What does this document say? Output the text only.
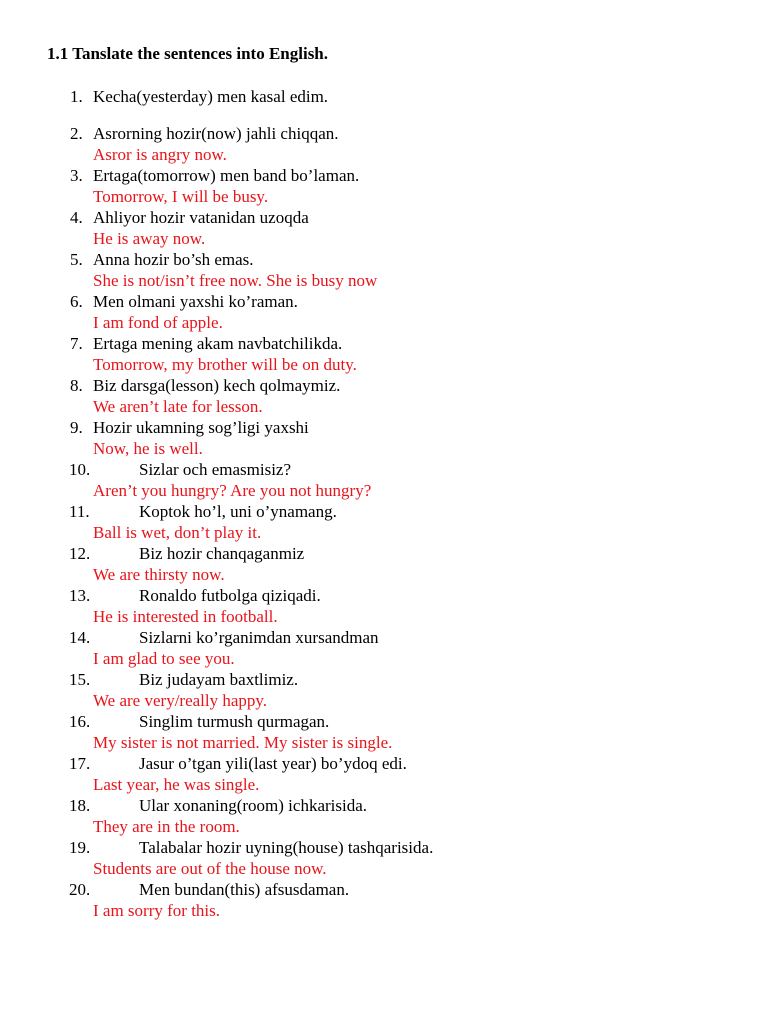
1.1 Tanslate the sentences into English.
1. Kecha(yesterday) men kasal edim.
2. Asrorning hozir(now) jahli chiqqan.
Asror is angry now.
3. Ertaga(tomorrow) men band bo’laman.
Tomorrow, I will be busy.
4. Ahliyor hozir vatanidan uzoqda
He is away now.
5. Anna hozir bo’sh emas.
She is not/isn’t free now. She is busy now
6. Men olmani yaxshi ko’raman.
I am fond of apple.
7. Ertaga mening akam navbatchilikda.
Tomorrow, my brother will be on duty.
8. Biz darsga(lesson) kech qolmaymiz.
We aren’t late for lesson.
9. Hozir ukamning sog’ligi yaxshi
Now, he is well.
10.	Sizlar och emasmisiz?
Aren’t you hungry? Are you not hungry?
11.	Koptok ho’l, uni o’ynamang.
Ball is wet, don’t play it.
12.	Biz hozir chanqaganmiz
We are thirsty now.
13.	Ronaldo futbolga qiziqadi.
He is interested in football.
14.	Sizlarni ko’rganimdan xursandman
I am glad to see you.
15.	Biz judayam baxtlimiz.
We are very/really happy.
16.	Singlim turmush qurmagan.
My sister is not married. My sister is single.
17.	Jasur o’tgan yili(last year) bo’ydoq edi.
Last year, he was single.
18.	Ular xonaning(room) ichkarisida.
They are in the room.
19.	Talabalar hozir uyning(house) tashqarisida.
Students are out of the house now.
20.	Men bundan(this) afsusdaman.
I am sorry for this.
